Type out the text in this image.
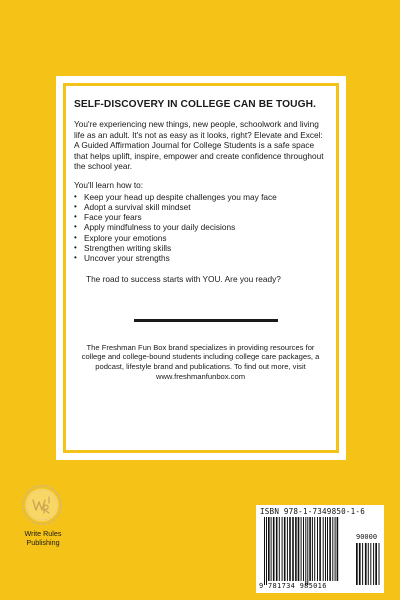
SELF-DISCOVERY IN COLLEGE CAN BE TOUGH.

You're experiencing new things, new people, schoolwork and living life as an adult. It's not as easy as it looks, right? Elevate and Excel: A Guided Affirmation Journal for College Students is a safe space that helps uplift, inspire, empower and create confidence throughout the school year.

You'll learn how to:

• Keep your head up despite challenges you may face
• Adopt a survival skill mindset
• Face your fears
• Apply mindfulness to your daily decisions
• Explore your emotions
• Strengthen writing skills
• Uncover your strengths

The road to success starts with YOU. Are you ready?

The Freshman Fun Box brand specializes in providing resources for college and college-bound students including college care packages, a podcast, lifestyle brand and publications. To find out more, visit www.freshmanfunbox.com

Write Rules
Publishing
ISBN 978-1-7349850-1-6
90000
9 781734 985016
